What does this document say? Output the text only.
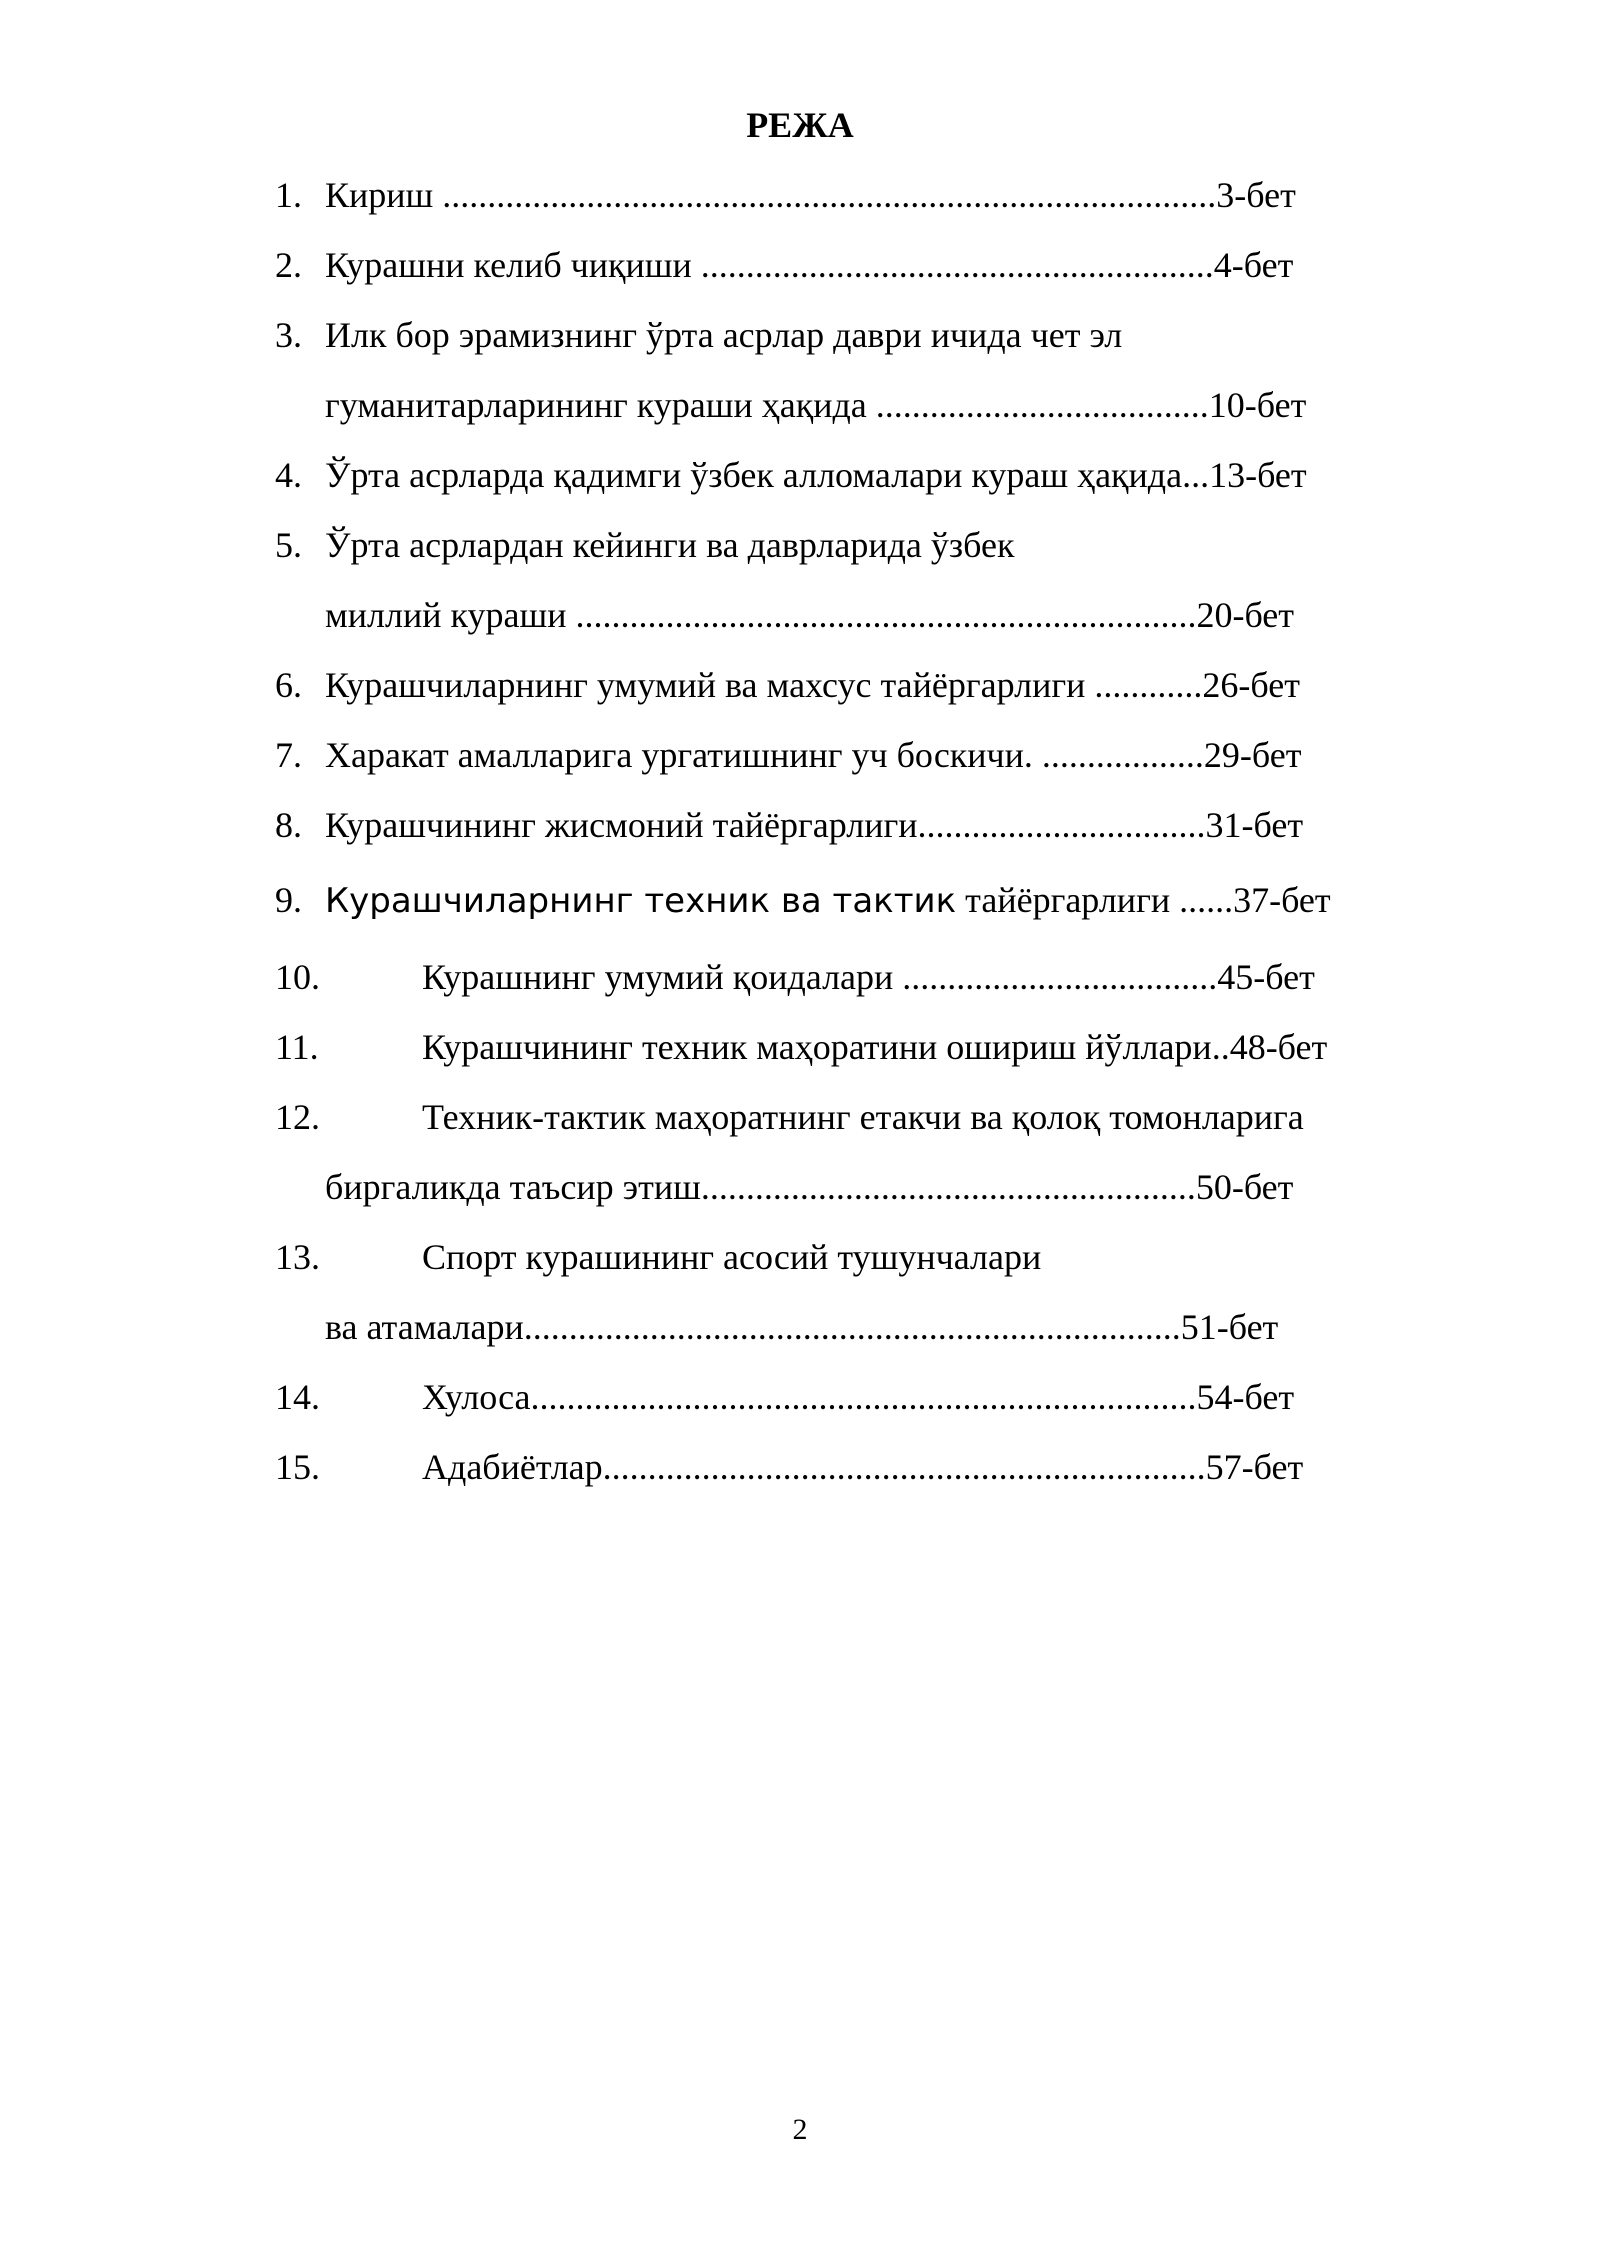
РЕЖА
1. Кириш ......................................................................................3-бет
2. Курашни келиб чиқиши .........................................................4-бет
3. Илк бор эрамизнинг ўрта асрлар даври ичида чет эл
гуманитарларининг кураши ҳақида .....................................10-бет
4. Ўрта асрларда қадимги ўзбек алломалари кураш ҳақида...13-бет
5. Ўрта асрлардан кейинги ва даврларида ўзбек
миллий кураши .....................................................................20-бет
6. Курашчиларнинг умумий ва махсус тайёргарлиги ............26-бет
7. Харакат амалларига ургатишнинг уч боскичи. ..................29-бет
8. Курашчининг жисмоний тайёргарлиги................................31-бет
9. Курашчиларнинг техник ва тактик тайёргарлиги ......37-бет
10.	Курашнинг умумий қоидалари ...................................45-бет
11.	Курашчининг техник маҳоратини ошириш йўллари..48-бет
12.	Техник-тактик маҳоратнинг етакчи ва қолоқ томонларига
биргаликда таъсир этиш.......................................................50-бет
13.	Спорт курашининг асосий тушунчалари
ва атамалари.........................................................................51-бет
14.	Хулоса..........................................................................54-бет
15.	Адабиётлар...................................................................57-бет
2
